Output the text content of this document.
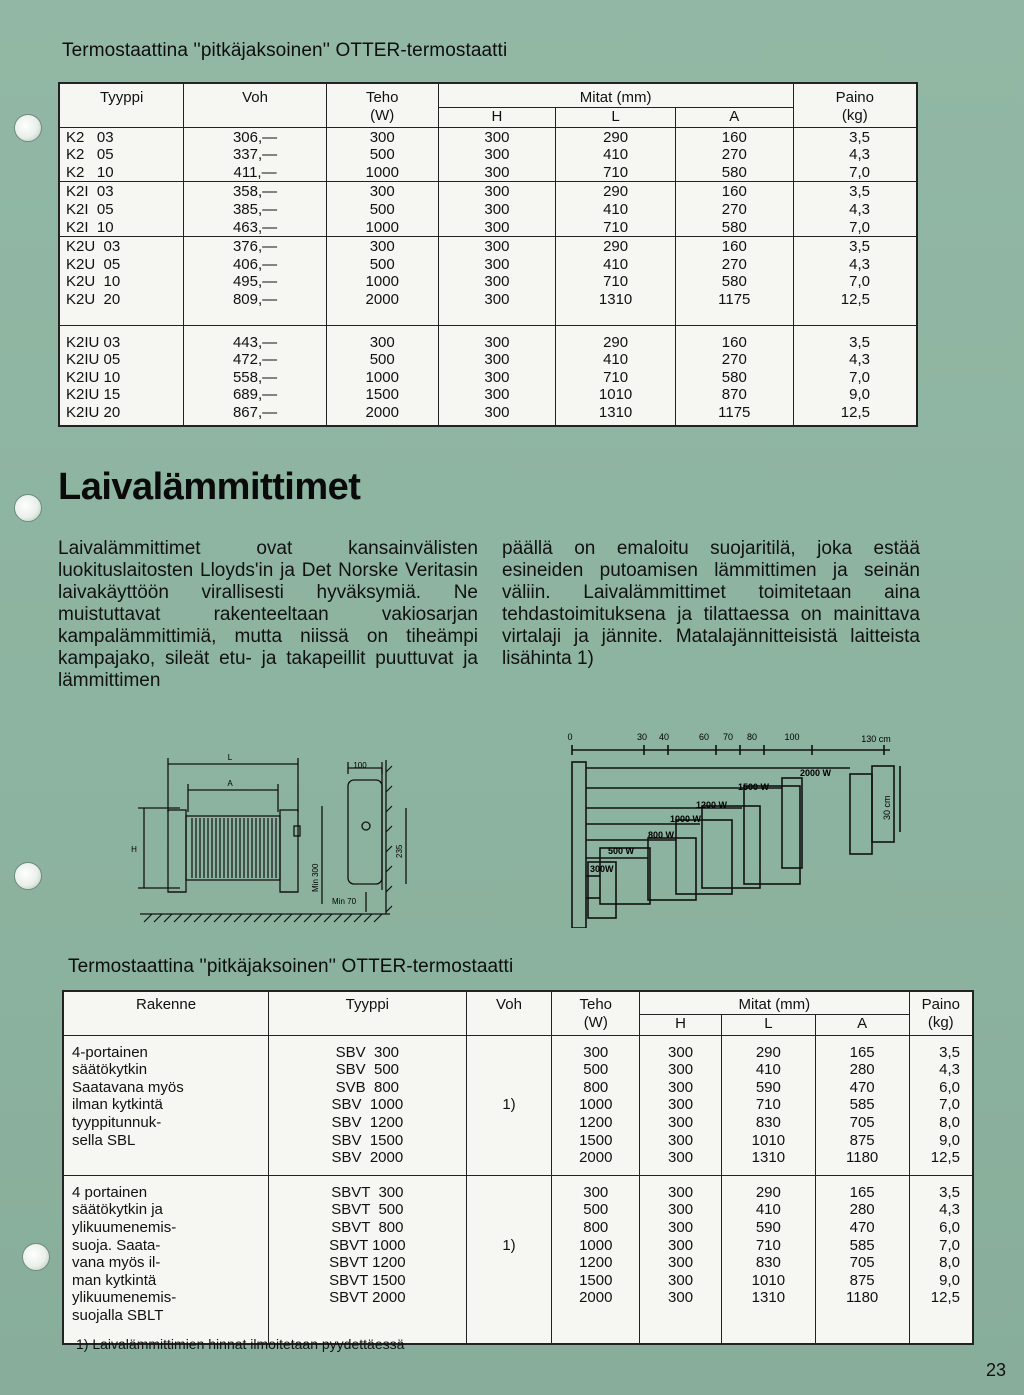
Termostaattina ''pitkäjaksoinen'' OTTER-termostaatti
Tyyppi	Voh	Teho	Mitat (mm)			Paino
		(W)	H	L	A	(kg)
K2   03	306,—	300	300	290	160	3,5
K2   05	337,—	500	300	410	270	4,3
K2   10	411,—	1000	300	710	580	7,0
K2I  03	358,—	300	300	290	160	3,5
K2I  05	385,—	500	300	410	270	4,3
K2I  10	463,—	1000	300	710	580	7,0
K2U  03	376,—	300	300	290	160	3,5
K2U  05	406,—	500	300	410	270	4,3
K2U  10	495,—	1000	300	710	580	7,0
K2U  20	809,—	2000	300	1310	1175	12,5
K2IU 03	443,—	300	300	290	160	3,5
K2IU 05	472,—	500	300	410	270	4,3
K2IU 10	558,—	1000	300	710	580	7,0
K2IU 15	689,—	1500	300	1010	870	9,0
K2IU 20	867,—	2000	300	1310	1175	12,5
Laivalämmittimet
Laivalämmittimet ovat kansainvälisten luokituslaitosten Lloyds'in ja Det Norske Veritasin laivakäyttöön virallisesti hyväksymiä. Ne muistuttavat rakenteeltaan vakiosarjan kampalämmittimiä, mutta niissä on tiheämpi kampajako, sileät etu- ja takapeillit puuttuvat ja lämmittimen
päällä on emaloitu suojaritilä, joka estää esineiden putoamisen lämmittimen ja seinän väliin. Laivalämmittimet toimitetaan aina tehdastoimituksena ja tilattaessa on mainittava virtalaji ja jännite. Matalajännitteisistä laitteista lisähinta 1)
L
A
H
100
Min 300
235
Min 70
0	30 40	60 70 80	100	130 cm
300W
500 W
800 W
1000 W
1200 W
1500 W
2000 W
30 cm
Termostaattina ''pitkäjaksoinen'' OTTER-termostaatti
Rakenne	Tyyppi	Voh	Teho	Mitat (mm)			Paino
			(W)	H	L	A	(kg)
4-portainen	SBV  300		300	300	290	165	3,5
säätökytkin	SBV  500		500	300	410	280	4,3
Saatavana myös	SVB  800		800	300	590	470	6,0
ilman kytkintä	SBV  1000	1)	1000	300	710	585	7,0
tyyppitunnuk-	SBV  1200		1200	300	830	705	8,0
sella SBL	SBV  1500		1500	300	1010	875	9,0
	SBV  2000		2000	300	1310	1180	12,5

4 portainen	SBVT  300		300	300	290	165	3,5
säätökytkin ja	SBVT  500		500	300	410	280	4,3
ylikuumenemis-	SBVT  800		800	300	590	470	6,0
suoja. Saata-	SBVT 1000	1)	1000	300	710	585	7,0
vana myös il-	SBVT 1200		1200	300	830	705	8,0
man kytkintä	SBVT 1500		1500	300	1010	875	9,0
ylikuumenemis-	SBVT 2000		2000	300	1310	1180	12,5
suojalla SBLT							

1) Laivalämmittimien hinnat ilmoitetaan pyydettäessä
23
